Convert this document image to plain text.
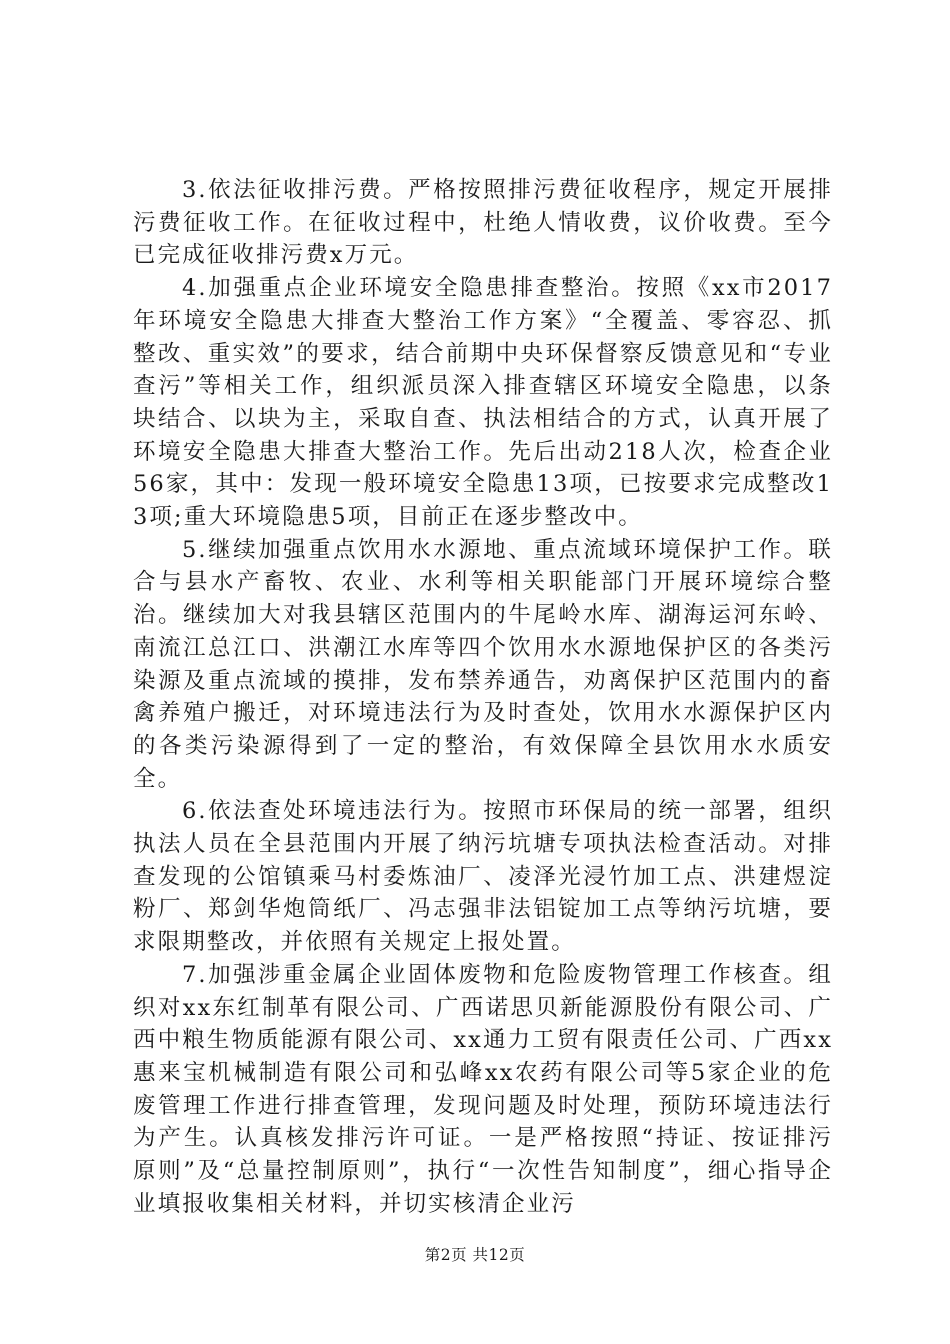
3.依法征收排污费。严格按照排污费征收程序，规定开展排污费征收工作。在征收过程中，杜绝人情收费，议价收费。至今已完成征收排污费x万元。

4.加强重点企业环境安全隐患排查整治。按照《xx市2017年环境安全隐患大排查大整治工作方案》“全覆盖、零容忍、抓整改、重实效”的要求，结合前期中央环保督察反馈意见和“专业查污”等相关工作，组织派员深入排查辖区环境安全隐患，以条块结合、以块为主，采取自查、执法相结合的方式，认真开展了环境安全隐患大排查大整治工作。先后出动218人次，检查企业56家，其中：发现一般环境安全隐患13项，已按要求完成整改13项;重大环境隐患5项，目前正在逐步整改中。

5.继续加强重点饮用水水源地、重点流域环境保护工作。联合与县水产畜牧、农业、水利等相关职能部门开展环境综合整治。继续加大对我县辖区范围内的牛尾岭水库、湖海运河东岭、南流江总江口、洪潮江水库等四个饮用水水源地保护区的各类污染源及重点流域的摸排，发布禁养通告，劝离保护区范围内的畜禽养殖户搬迁，对环境违法行为及时查处，饮用水水源保护区内的各类污染源得到了一定的整治，有效保障全县饮用水水质安全。

6.依法查处环境违法行为。按照市环保局的统一部署，组织执法人员在全县范围内开展了纳污坑塘专项执法检查活动。对排查发现的公馆镇乘马村委炼油厂、凌泽光浸竹加工点、洪建煜淀粉厂、郑剑华炮筒纸厂、冯志强非法铝锭加工点等纳污坑塘，要求限期整改，并依照有关规定上报处置。

7.加强涉重金属企业固体废物和危险废物管理工作核查。组织对xx东红制革有限公司、广西诺思贝新能源股份有限公司、广西中粮生物质能源有限公司、xx通力工贸有限责任公司、广西xx惠来宝机械制造有限公司和弘峰xx农药有限公司等5家企业的危废管理工作进行排查管理，发现问题及时处理，预防环境违法行为产生。认真核发排污许可证。一是严格按照“持证、按证排污原则”及“总量控制原则”，执行“一次性告知制度”，细心指导企业填报收集相关材料，并切实核清企业污

第2页 共12页
